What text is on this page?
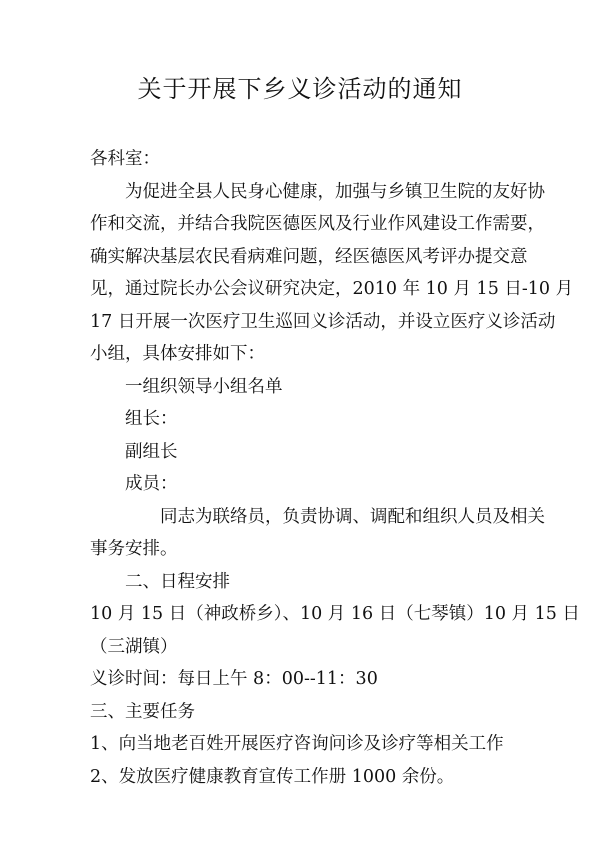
关于开展下乡义诊活动的通知
各科室：
为促进全县人民身心健康，加强与乡镇卫生院的友好协
作和交流，并结合我院医德医风及行业作风建设工作需要，
确实解决基层农民看病难问题，经医德医风考评办提交意
见，通过院长办公会议研究决定，2010 年 10 月 15 日-10 月
17 日开展一次医疗卫生巡回义诊活动，并设立医疗义诊活动
小组，具体安排如下：
一组织领导小组名单
组长：
副组长
成员：
同志为联络员，负责协调、调配和组织人员及相关
事务安排。
二、日程安排
10 月 15 日（神政桥乡）、10 月 16 日（七琴镇）10 月 15 日
（三湖镇）
义诊时间：每日上午 8：00--11：30
三、主要任务
1、向当地老百姓开展医疗咨询问诊及诊疗等相关工作
2、发放医疗健康教育宣传工作册 1000 余份。
